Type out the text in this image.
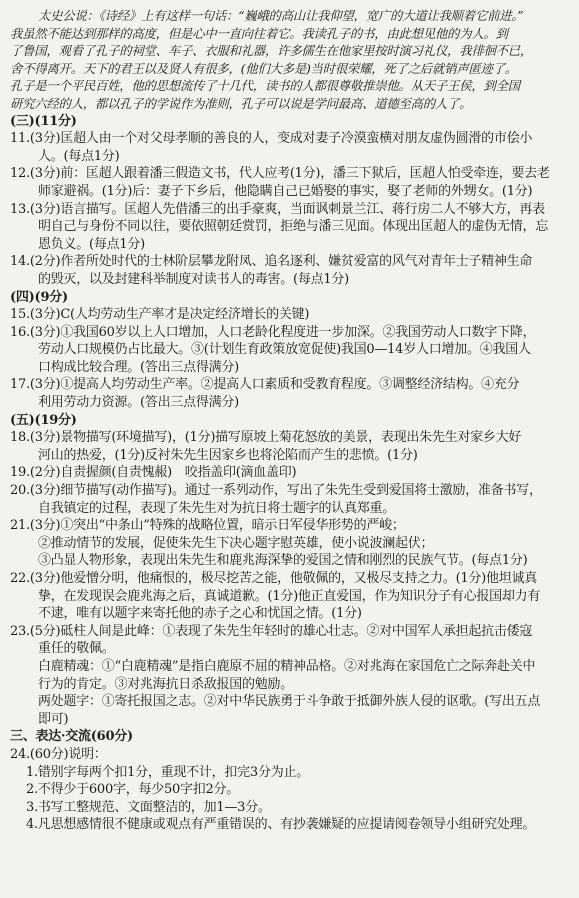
太史公说：《诗经》上有这样一句话：“巍峨的高山让我仰望，宽广的大道让我顺着它前进。”
我虽然不能达到那样的高度，但是心中一直向往着它。我读孔子的书，由此想见他的为人。到
了鲁国，观看了孔子的祠堂、车子、衣服和礼器，许多儒生在他家里按时演习礼仪，我徘徊不已，
舍不得离开。天下的君王以及贤人有很多，(他们大多是)当时很荣耀，死了之后就销声匿迹了。
孔子是一个平民百姓，他的思想流传了十几代，读书的人都很尊敬推崇他。从天子王侯，到全国
研究六经的人，都以孔子的学说作为准则，孔子可以说是学问最高、道德至高的人了。
(三)(11分)
11.(3分)匡超人由一个对父母孝顺的善良的人，变成对妻子冷漠蛮横对朋友虚伪圆滑的市侩小
人。(每点1分)
12.(3分)前：匡超人跟着潘三假造文书，代人应考(1分)，潘三下狱后，匡超人怕受牵连，要去老
师家避祸。(1分)后：妻子下乡后，他隐瞒自己已婚娶的事实，娶了老师的外甥女。(1分)
13.(3分)语言描写。匡超人先借潘三的出手豪爽，当面讽刺景兰江、蒋行房二人不够大方，再表
明自己与身份不同以往，要依照朝廷赏罚，拒绝与潘三见面。体现出匡超人的虚伪无情，忘
恩负义。(每点1分)
14.(2分)作者所处时代的士林阶层攀龙附凤、追名逐利、嫌贫爱富的风气对青年士子精神生命
的毁灭，以及封建科举制度对读书人的毒害。(每点1分)
(四)(9分)
15.(3分)C(人均劳动生产率才是决定经济增长的关键)
16.(3分)①我国60岁以上人口增加，人口老龄化程度进一步加深。②我国劳动人口数字下降，
劳动人口规模仍占比最大。③(计划生育政策放宽促使)我国0—14岁人口增加。④我国人
口构成比较合理。(答出三点得满分)
17.(3分)①提高人均劳动生产率。②提高人口素质和受教育程度。③调整经济结构。④充分
利用劳动力资源。(答出三点得满分)
(五)(19分)
18.(3分)景物描写(环境描写)，(1分)描写原坡上菊花怒放的美景，表现出朱先生对家乡大好
河山的热爱，(1分)反衬朱先生因家乡也将沦陷而产生的悲愤。(1分)
19.(2分)自责握颜(自责愧赧)　咬指盖印(滴血盖印)
20.(3分)细节描写(动作描写)。通过一系列动作，写出了朱先生受到爱国将士激励，准备书写，
自我镇定的过程，表现了朱先生对为抗日将士题字的认真郑重。
21.(3分)①突出“中条山”特殊的战略位置，暗示日军侵华形势的严峻；
②推动情节的发展，促使朱先生下决心题字慰英雄，使小说波澜起伏；
③凸显人物形象，表现出朱先生和鹿兆海深挚的爱国之情和刚烈的民族气节。(每点1分)
22.(3分)他爱憎分明，他痛恨的，极尽挖苦之能，他敬佩的，又极尽支持之力。(1分)他坦诚真
挚，在发现误会鹿兆海之后，真诚道歉。(1分)他正直爱国，作为知识分子有心报国却力有
不逮，唯有以题字来寄托他的赤子之心和忧国之情。(1分)
23.(5分)砥柱人间是此峰：①表现了朱先生年轻时的雄心壮志。②对中国军人承担起抗击倭寇
重任的敬佩。
白鹿精魂：①“白鹿精魂”是指白鹿原不屈的精神品格。②对兆海在家国危亡之际奔赴关中
行为的肯定。③对兆海抗日杀敌报国的勉励。
两处题字：①寄托报国之志。②对中华民族勇于斗争敢于抵御外族人侵的讴歌。(写出五点
即可)
三、表达·交流(60分)
24.(60分)说明：
1.错别字每两个扣1分，重现不计，扣完3分为止。
2.不得少于600字，每少50字扣2分。
3.书写工整规范、文面整洁的，加1—3分。
4.凡思想感情很不健康或观点有严重错误的、有抄袭嫌疑的应提请阅卷领导小组研究处理。
